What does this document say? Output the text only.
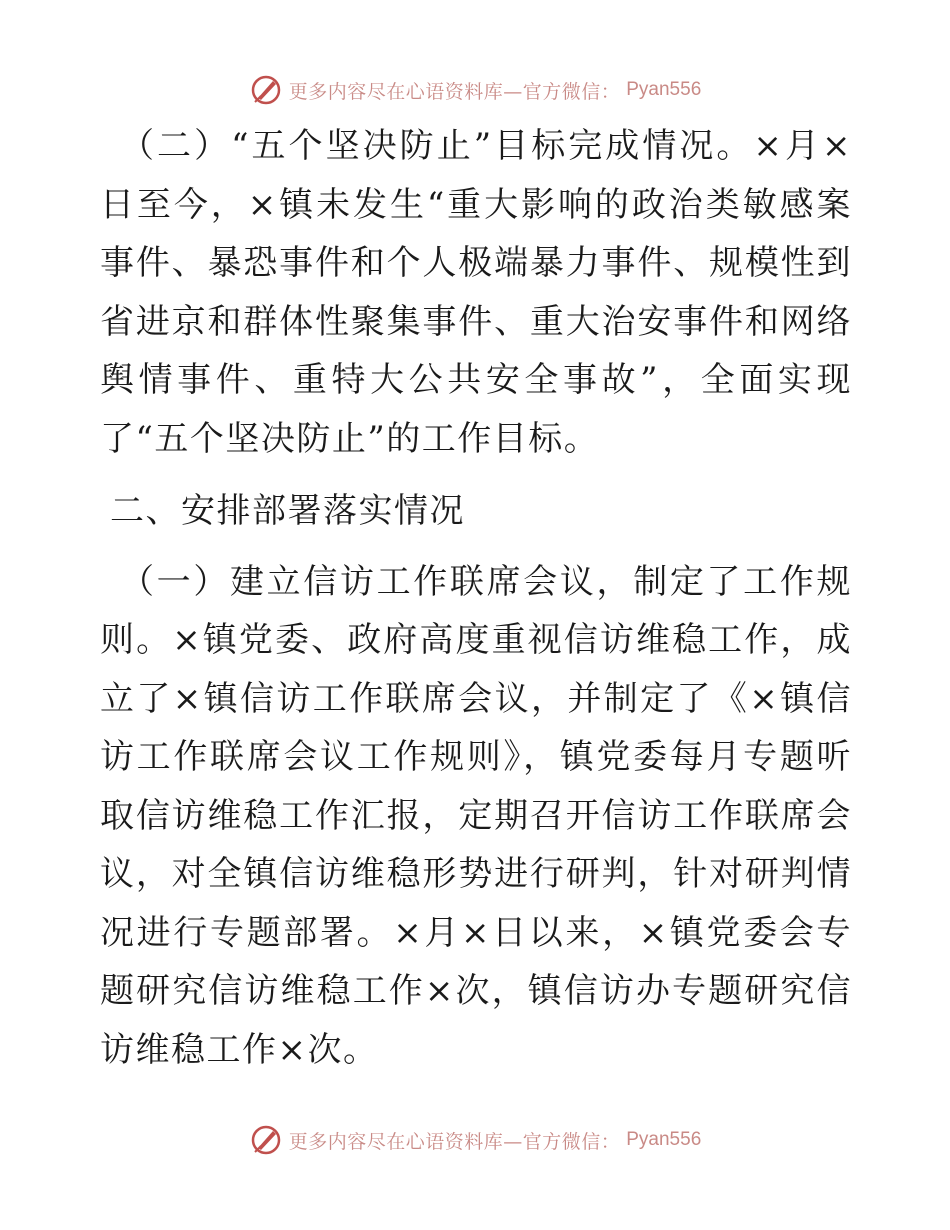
更多内容尽在心语资料库—官方微信： Pyan556

（二）“五个坚决防止”目标完成情况。×月×日至今，×镇未发生“重大影响的政治类敏感案事件、暴恐事件和个人极端暴力事件、规模性到省进京和群体性聚集事件、重大治安事件和网络舆情事件、重特大公共安全事故”，全面实现了“五个坚决防止”的工作目标。

二、安排部署落实情况

（一）建立信访工作联席会议，制定了工作规则。×镇党委、政府高度重视信访维稳工作，成立了×镇信访工作联席会议，并制定了《×镇信访工作联席会议工作规则》，镇党委每月专题听取信访维稳工作汇报，定期召开信访工作联席会议，对全镇信访维稳形势进行研判，针对研判情况进行专题部署。×月×日以来，×镇党委会专题研究信访维稳工作×次，镇信访办专题研究信访维稳工作×次。

更多内容尽在心语资料库—官方微信： Pyan556
